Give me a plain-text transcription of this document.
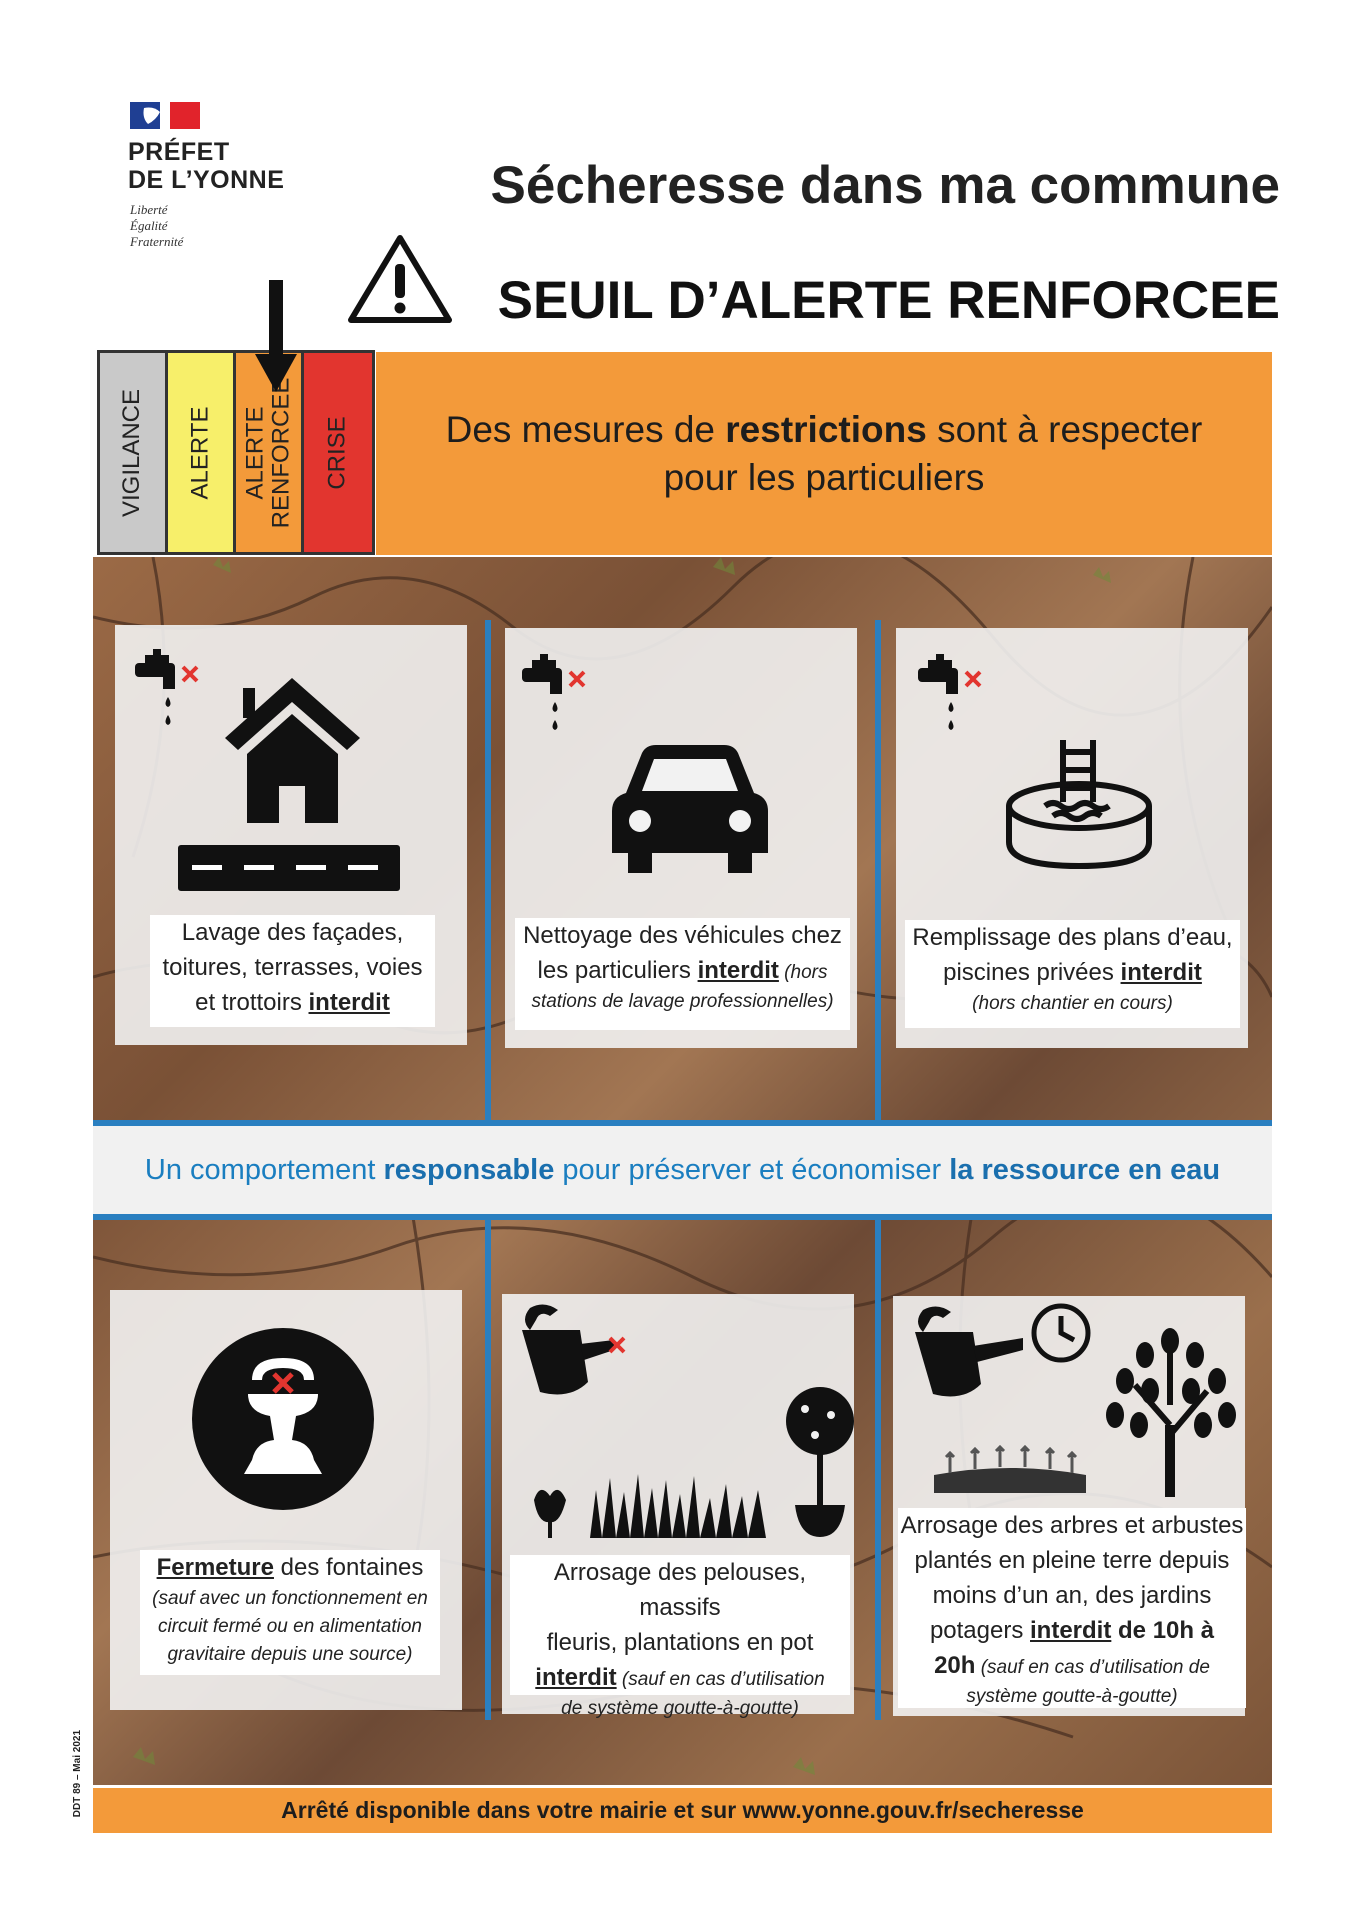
PRÉFET
DE L’YONNE
Liberté
Égalité
Fraternité
Sécheresse dans ma commune
SEUIL D’ALERTE RENFORCEE
VIGILANCE ALERTE ALERTE
RENFORCEE CRISE	Des mesures de restrictions sont à respecter
pour les particuliers
Lavage des façades,
toitures, terrasses, voies
et trottoirs interdit
Nettoyage des véhicules chez
les particuliers interdit (hors
stations de lavage professionnelles)
Remplissage des plans d’eau,
piscines privées interdit
(hors chantier en cours)
Un comportement
responsable
pour préserver et économiser
la ressource en eau
Fermeture des fontaines
(sauf avec un fonctionnement en
circuit fermé ou en alimentation
gravitaire depuis une source)
Arrosage des pelouses, massifs
fleuris, plantations en pot
interdit (sauf en cas d’utilisation
de système goutte-à-goutte)
Arrosage des arbres et arbustes
plantés en pleine terre depuis
moins d’un an, des jardins
potagers interdit de 10h à
20h (sauf en cas d’utilisation de
système goutte-à-goutte)
Arrêté disponible dans votre mairie et sur www.yonne.gouv.fr/secheresse
DDT 89 – Mai 2021
